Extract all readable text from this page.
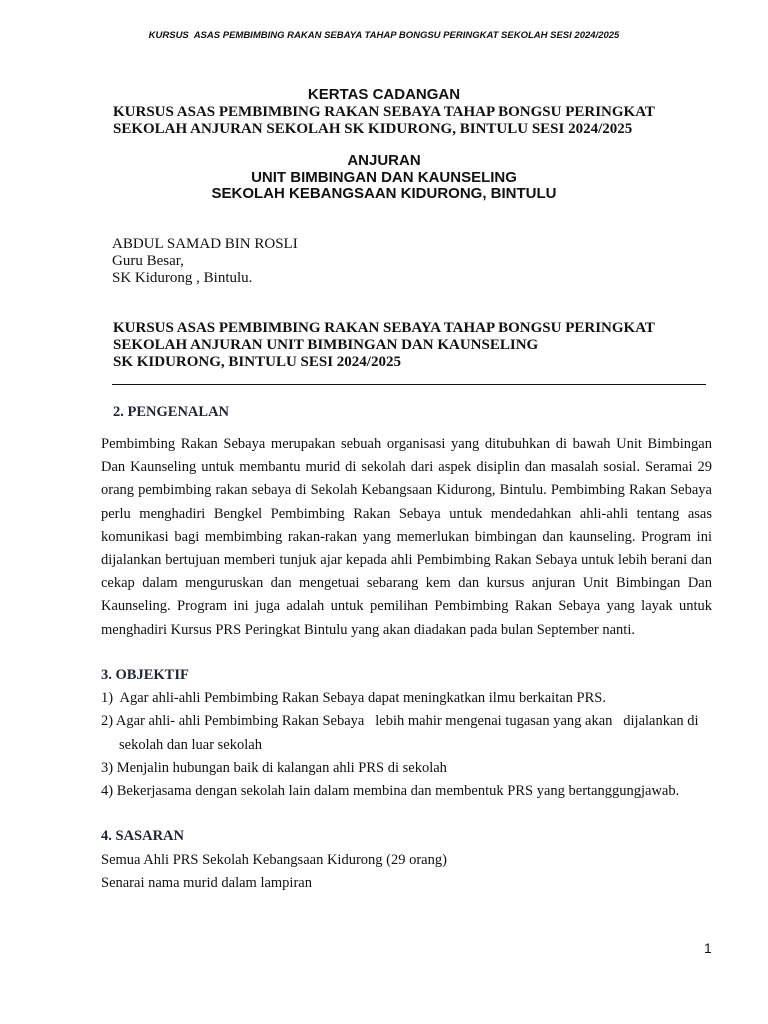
KURSUS  ASAS PEMBIMBING RAKAN SEBAYA TAHAP BONGSU PERINGKAT SEKOLAH SESI 2024/2025
KERTAS CADANGAN
KURSUS ASAS PEMBIMBING RAKAN SEBAYA TAHAP BONGSU PERINGKAT
SEKOLAH ANJURAN SEKOLAH SK KIDURONG, BINTULU SESI 2024/2025
ANJURAN
UNIT BIMBINGAN DAN KAUNSELING
SEKOLAH KEBANGSAAN KIDURONG, BINTULU
ABDUL SAMAD BIN ROSLI
Guru Besar,
SK Kidurong , Bintulu.
KURSUS ASAS PEMBIMBING RAKAN SEBAYA TAHAP BONGSU PERINGKAT
SEKOLAH ANJURAN UNIT BIMBINGAN DAN KAUNSELING
SK KIDURONG, BINTULU SESI 2024/2025
2. PENGENALAN
Pembimbing Rakan Sebaya merupakan sebuah organisasi yang ditubuhkan di bawah Unit Bimbingan Dan Kaunseling untuk membantu murid di sekolah dari aspek disiplin dan masalah sosial. Seramai 29 orang pembimbing rakan sebaya di Sekolah Kebangsaan Kidurong, Bintulu. Pembimbing Rakan Sebaya perlu menghadiri Bengkel Pembimbing Rakan Sebaya untuk mendedahkan ahli-ahli tentang asas komunikasi bagi membimbing rakan-rakan yang memerlukan bimbingan dan kaunseling. Program ini dijalankan bertujuan memberi tunjuk ajar kepada ahli Pembimbing Rakan Sebaya untuk lebih berani dan cekap dalam menguruskan dan mengetuai sebarang kem dan kursus anjuran Unit Bimbingan Dan Kaunseling. Program ini juga adalah untuk pemilihan Pembimbing Rakan Sebaya yang layak untuk menghadiri Kursus PRS Peringkat Bintulu yang akan diadakan pada bulan September nanti.
3. OBJEKTIF
1)  Agar ahli-ahli Pembimbing Rakan Sebaya dapat meningkatkan ilmu berkaitan PRS.
2) Agar ahli- ahli Pembimbing Rakan Sebaya   lebih mahir mengenai tugasan yang akan   dijalankan di
sekolah dan luar sekolah
3) Menjalin hubungan baik di kalangan ahli PRS di sekolah
4) Bekerjasama dengan sekolah lain dalam membina dan membentuk PRS yang bertanggungjawab.
4. SASARAN
Semua Ahli PRS Sekolah Kebangsaan Kidurong (29 orang)
Senarai nama murid dalam lampiran
1
